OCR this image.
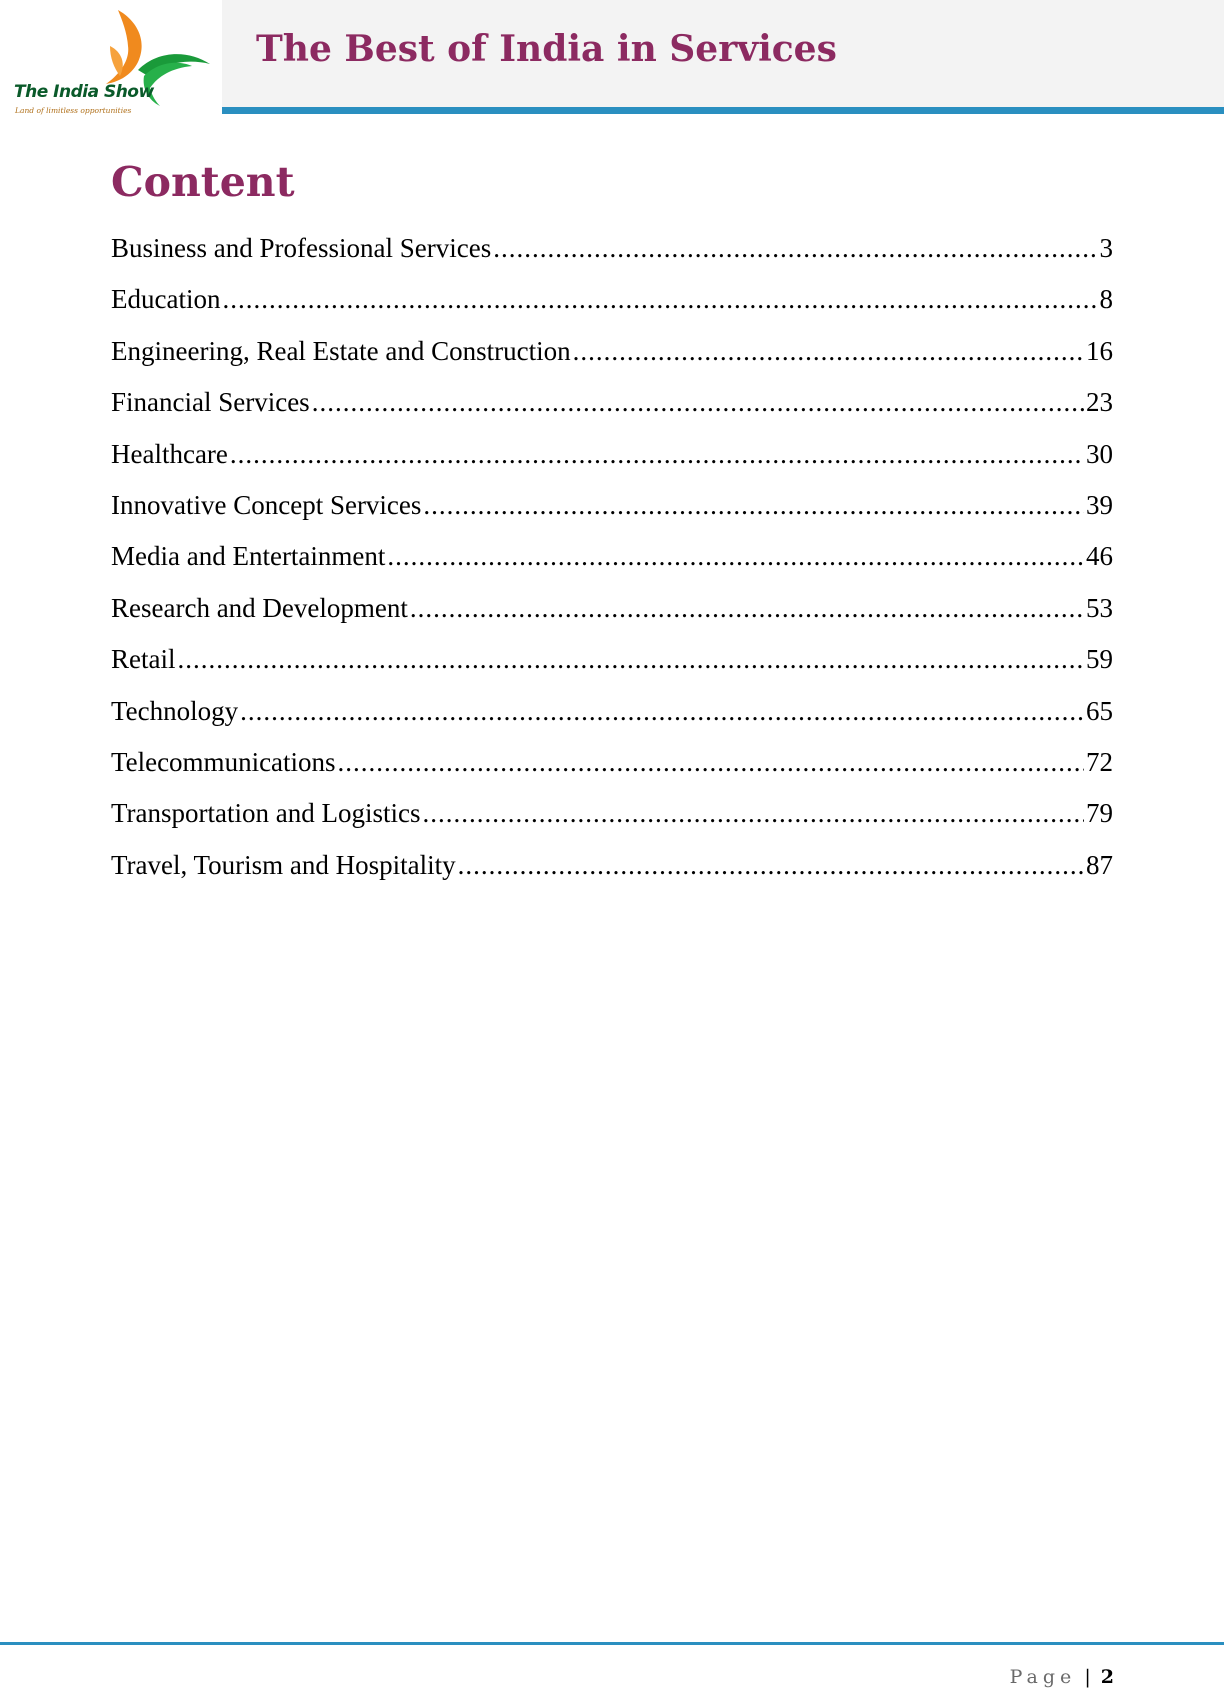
The India Show
Land of limitless opportunities
The Best of India in Services
Content
Business and Professional Services .....	3
Education .....	8
Engineering, Real Estate and Construction .....	16
Financial Services .....	23
Healthcare .....	30
Innovative Concept Services .....	39
Media and Entertainment .....	46
Research and Development .....	53
Retail .....	59
Technology .....	65
Telecommunications .....	72
Transportation and Logistics .....	79
Travel, Tourism and Hospitality .....	87
Page | 2
